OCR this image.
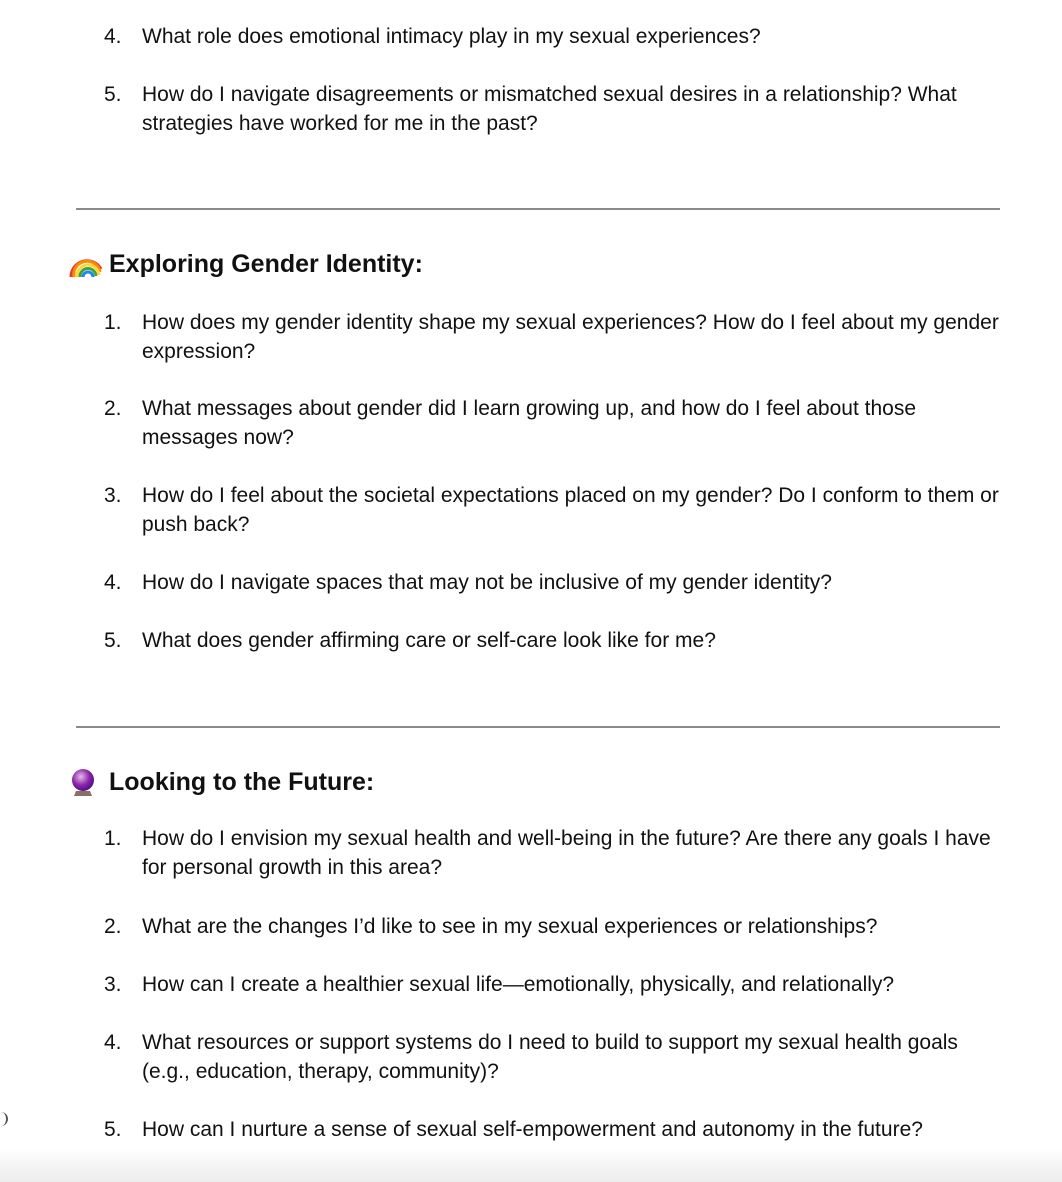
4. What role does emotional intimacy play in my sexual experiences?
5. How do I navigate disagreements or mismatched sexual desires in a relationship? What strategies have worked for me in the past?
Exploring Gender Identity:
1. How does my gender identity shape my sexual experiences? How do I feel about my gender expression?
2. What messages about gender did I learn growing up, and how do I feel about those messages now?
3. How do I feel about the societal expectations placed on my gender? Do I conform to them or push back?
4. How do I navigate spaces that may not be inclusive of my gender identity?
5. What does gender affirming care or self-care look like for me?
Looking to the Future:
1. How do I envision my sexual health and well-being in the future? Are there any goals I have for personal growth in this area?
2. What are the changes I’d like to see in my sexual experiences or relationships?
3. How can I create a healthier sexual life—emotionally, physically, and relationally?
4. What resources or support systems do I need to build to support my sexual health goals (e.g., education, therapy, community)?
5. How can I nurture a sense of sexual self-empowerment and autonomy in the future?
